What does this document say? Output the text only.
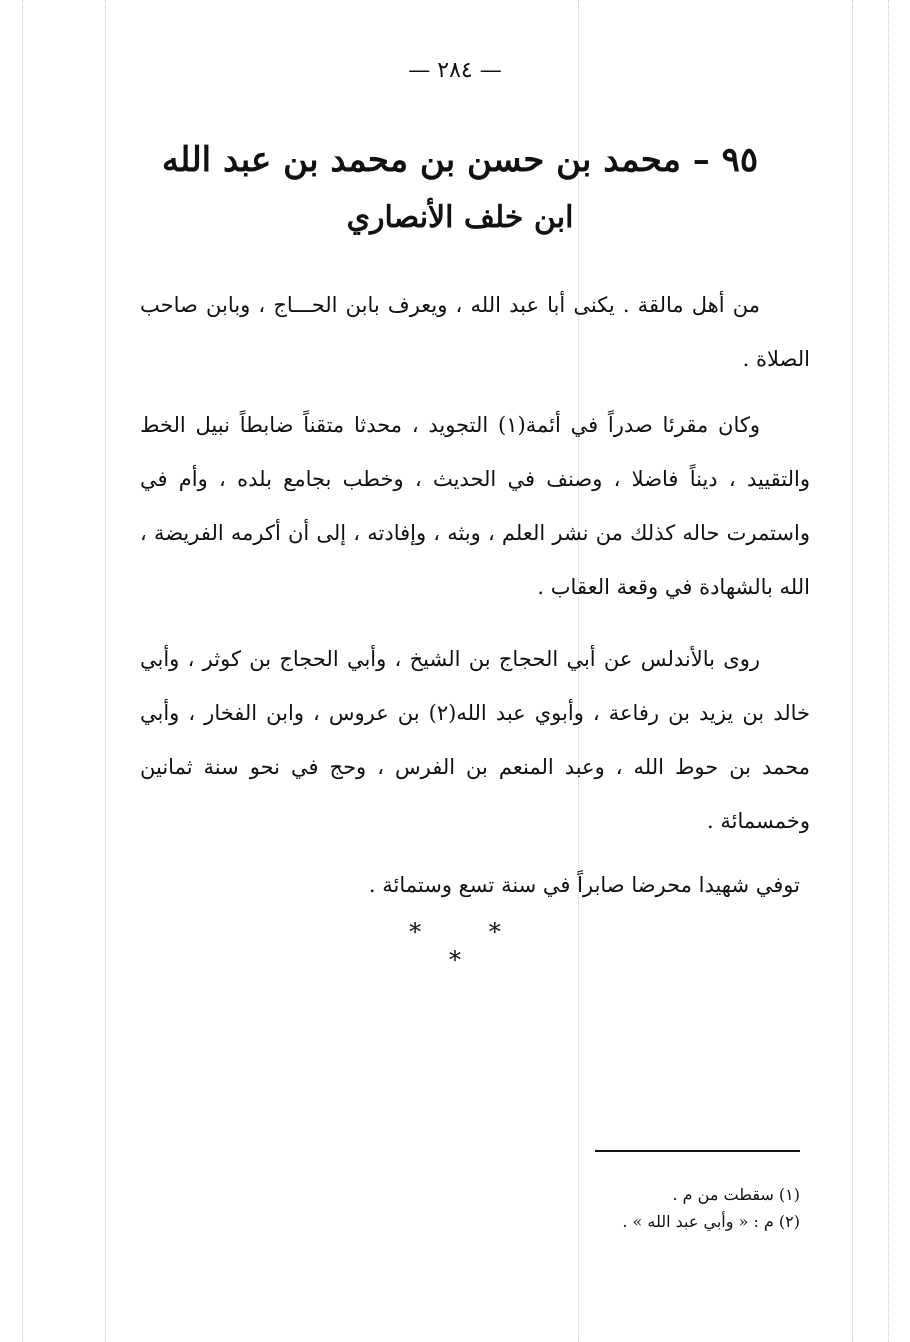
— ٢٨٤ —
٩٥ – محمد بن حسن بن محمد بن عبد الله
ابن خلف الأنصاري
من أهل مالقة . يكنى أبا عبد الله ، ويعرف بابن الحـــاج ، وبابن صاحب الصلاة .
وكان مقرئا صدراً في أئمة(١) التجويد ، محدثا متقناً ضابطاً نبيل الخط والتقييد ، ديناً فاضلا ، وصنف في الحديث ، وخطب بجامع بلده ، وأم في واستمرت حاله كذلك من نشر العلم ، وبثه ، وإفادته ، إلى أن أكرمه الفريضة ، الله بالشهادة في وقعة العقاب .
روى بالأندلس عن أبي الحجاج بن الشيخ ، وأبي الحجاج بن كوثر ، وأبي خالد بن يزيد بن رفاعة ، وأبوي عبد الله(٢) بن عروس ، وابن الفخار ، وأبي محمد بن حوط الله ، وعبد المنعم بن الفرس ، وحج في نحو سنة ثمانين وخمسمائة .
توفي شهيدا محرضا صابراً في سنة تسع وستمائة .
* * *
(١) سقطت من م .
(٢) م : « وأبي عبد الله » .
